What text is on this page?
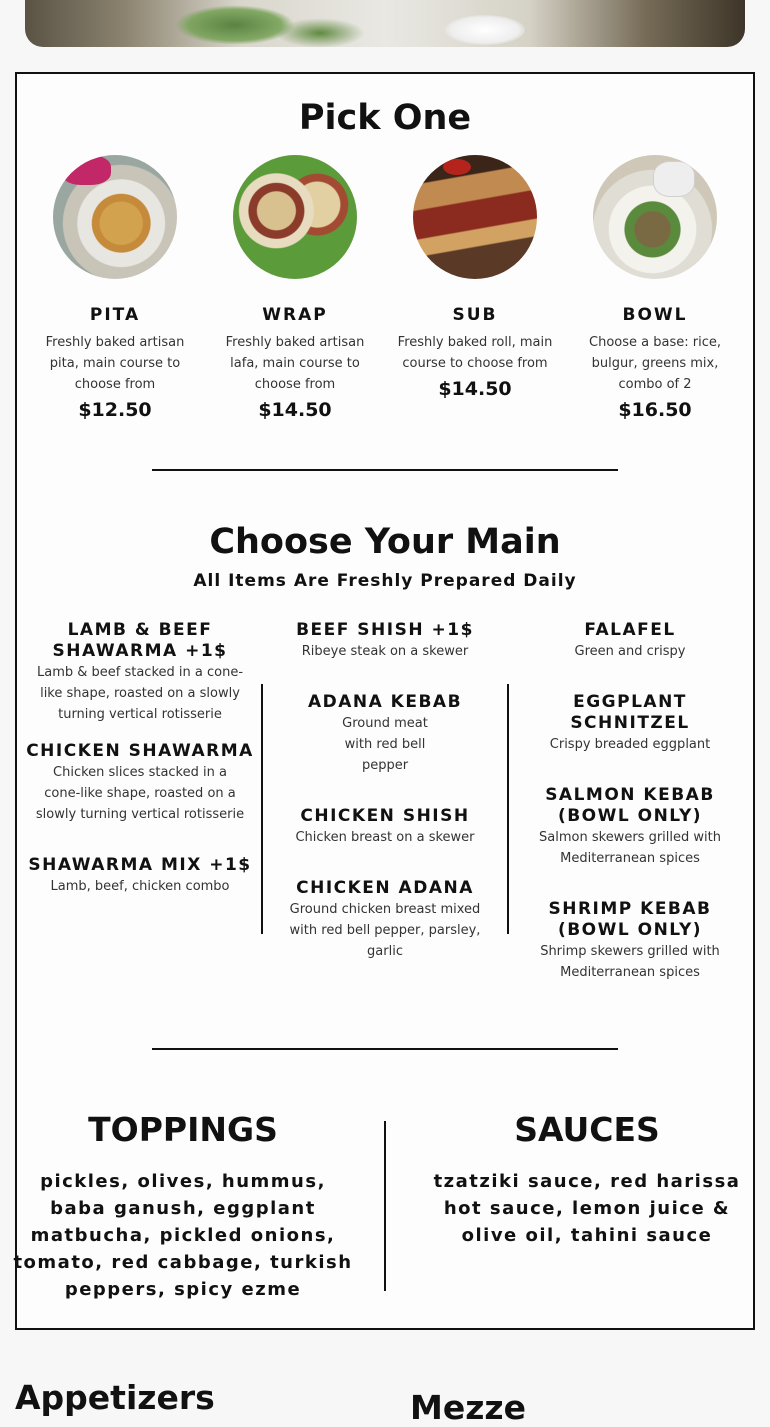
Pick One
PITA
Freshly baked artisan pita, main course to choose from
$12.50
WRAP
Freshly baked artisan lafa, main course to choose from
$14.50
SUB
Freshly baked roll, main course to choose from
$14.50
BOWL
Choose a base: rice, bulgur, greens mix, combo of 2
$16.50
Choose Your Main
All Items Are Freshly Prepared Daily
LAMB & BEEF SHAWARMA +1$
Lamb & beef stacked in a cone-like shape, roasted on a slowly turning vertical rotisserie
CHICKEN SHAWARMA
Chicken slices stacked in a cone-like shape, roasted on a slowly turning vertical rotisserie
SHAWARMA MIX +1$
Lamb, beef, chicken combo
BEEF SHISH +1$
Ribeye steak on a skewer
ADANA KEBAB
Ground meat with red bell pepper
CHICKEN SHISH
Chicken breast on a skewer
CHICKEN ADANA
Ground chicken breast mixed with red bell pepper, parsley, garlic
FALAFEL
Green and crispy
EGGPLANT SCHNITZEL
Crispy breaded eggplant
SALMON KEBAB (BOWL ONLY)
Salmon skewers grilled with Mediterranean spices
SHRIMP KEBAB (BOWL ONLY)
Shrimp skewers grilled with Mediterranean spices
TOPPINGS
pickles, olives, hummus, baba ganush, eggplant matbucha, pickled onions, tomato, red cabbage, turkish peppers, spicy ezme
SAUCES
tzatziki sauce, red harissa hot sauce, lemon juice & olive oil, tahini sauce
Appetizers	Mezze
